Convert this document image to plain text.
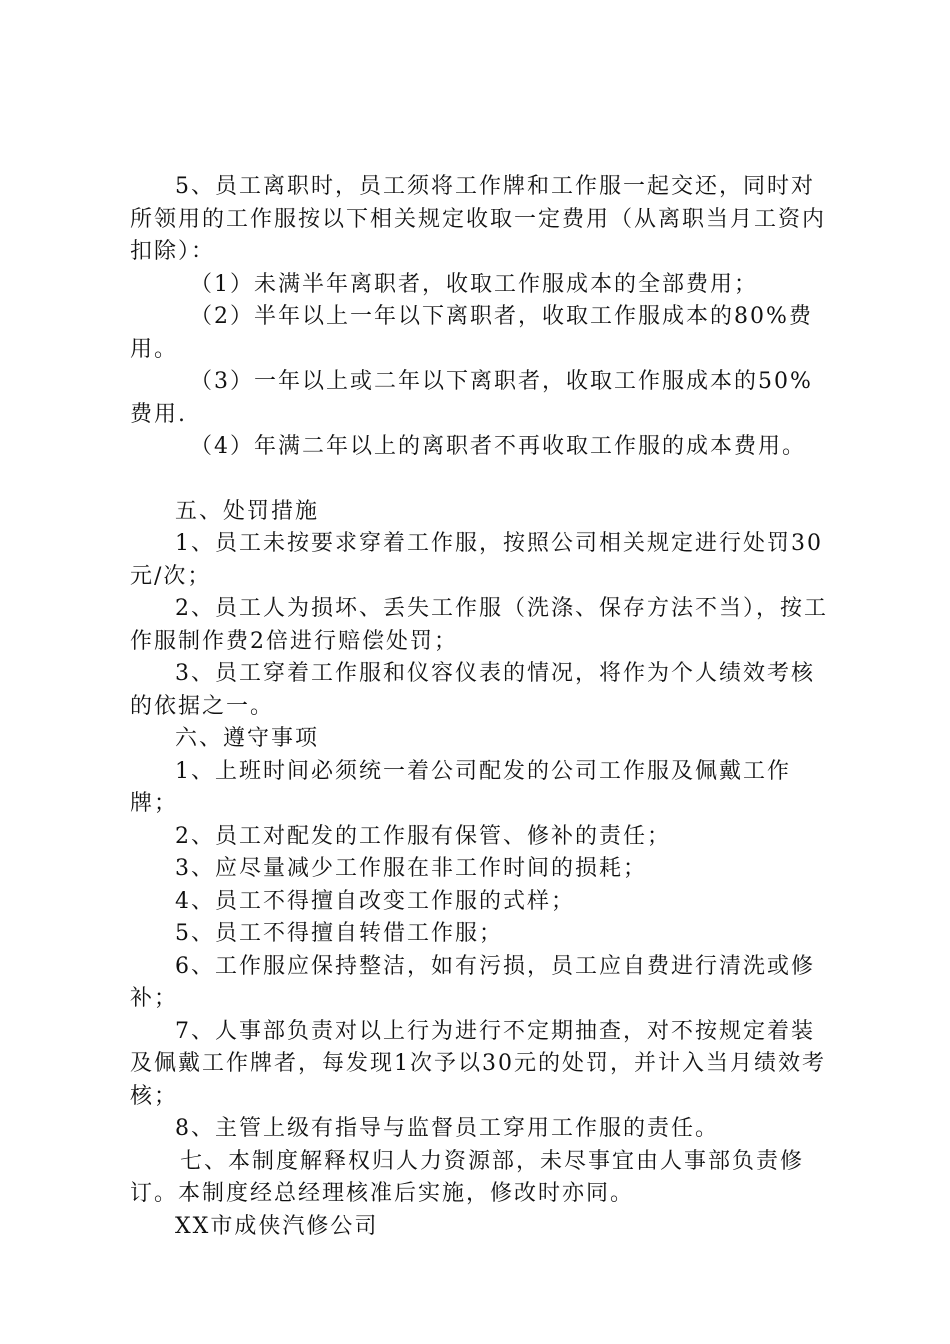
5、员工离职时，员工须将工作牌和工作服一起交还，同时对所领用的工作服按以下相关规定收取一定费用（从离职当月工资内扣除）：

（1）未满半年离职者，收取工作服成本的全部费用；

（2）半年以上一年以下离职者，收取工作服成本的80%费用。

（3）一年以上或二年以下离职者，收取工作服成本的50%费用.

（4）年满二年以上的离职者不再收取工作服的成本费用。

五、处罚措施

1、员工未按要求穿着工作服，按照公司相关规定进行处罚30元/次；

2、员工人为损坏、丢失工作服（洗涤、保存方法不当），按工作服制作费2倍进行赔偿处罚；

3、员工穿着工作服和仪容仪表的情况，将作为个人绩效考核的依据之一。

六、遵守事项

1、上班时间必须统一着公司配发的公司工作服及佩戴工作牌；

2、员工对配发的工作服有保管、修补的责任；

3、应尽量减少工作服在非工作时间的损耗；

4、员工不得擅自改变工作服的式样；

5、员工不得擅自转借工作服；

6、工作服应保持整洁，如有污损，员工应自费进行清洗或修补；

7、人事部负责对以上行为进行不定期抽查，对不按规定着装及佩戴工作牌者，每发现1次予以30元的处罚，并计入当月绩效考核；

8、主管上级有指导与监督员工穿用工作服的责任。

七、本制度解释权归人力资源部，未尽事宜由人事部负责修订。本制度经总经理核准后实施，修改时亦同。

XX市成侠汽修公司
